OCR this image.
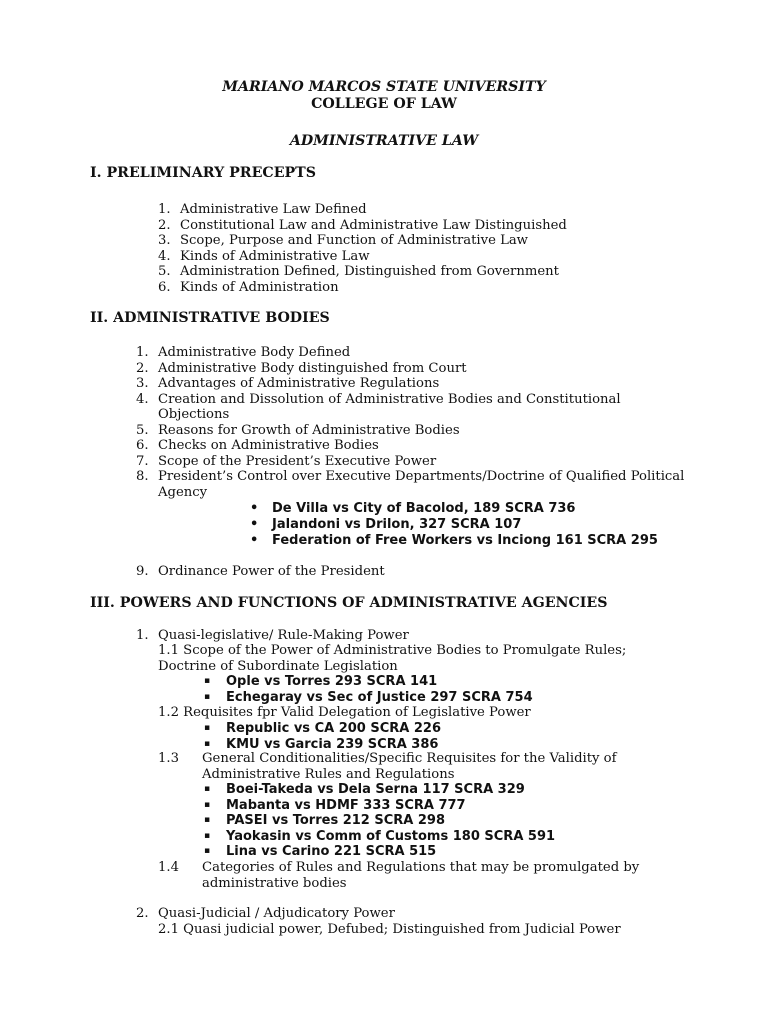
MARIANO MARCOS STATE UNIVERSITY
COLLEGE OF LAW
ADMINISTRATIVE LAW
I. PRELIMINARY PRECEPTS
1. Administrative Law Defined
2. Constitutional Law and Administrative Law Distinguished
3. Scope, Purpose and Function of Administrative Law
4. Kinds of Administrative Law
5. Administration Defined, Distinguished from Government
6. Kinds of Administration
II. ADMINISTRATIVE BODIES
1. Administrative Body Defined
2. Administrative Body distinguished from Court
3. Advantages of Administrative Regulations
4. Creation and Dissolution of Administrative Bodies and Constitutional Objections
5. Reasons for Growth of Administrative Bodies
6. Checks on Administrative Bodies
7. Scope of the President’s Executive Power
8. President’s Control over Executive Departments/Doctrine of Qualified Political Agency
• De Villa vs City of Bacolod, 189 SCRA 736
• Jalandoni vs Drilon, 327 SCRA 107
• Federation of Free Workers vs Inciong 161 SCRA 295
9. Ordinance Power of the President
III. POWERS AND FUNCTIONS OF ADMINISTRATIVE AGENCIES
1. Quasi-legislative/ Rule-Making Power
1.1 Scope of the Power of Administrative Bodies to Promulgate Rules; Doctrine of Subordinate Legislation
▪ Ople vs Torres 293 SCRA 141
▪ Echegaray vs Sec of Justice 297 SCRA 754
1.2 Requisites fpr Valid Delegation of Legislative Power
▪ Republic vs CA 200 SCRA 226
▪ KMU vs Garcia 239 SCRA 386
1.3 General Conditionalities/Specific Requisites for the Validity of Administrative Rules and Regulations
▪ Boei-Takeda vs Dela Serna 117 SCRA 329
▪ Mabanta vs HDMF 333 SCRA 777
▪ PASEI vs Torres 212 SCRA 298
▪ Yaokasin vs Comm of Customs 180 SCRA 591
▪ Lina vs Carino 221 SCRA 515
1.4 Categories of Rules and Regulations that may be promulgated by administrative bodies
2. Quasi-Judicial / Adjudicatory Power
2.1 Quasi judicial power, Defubed; Distinguished from Judicial Power
